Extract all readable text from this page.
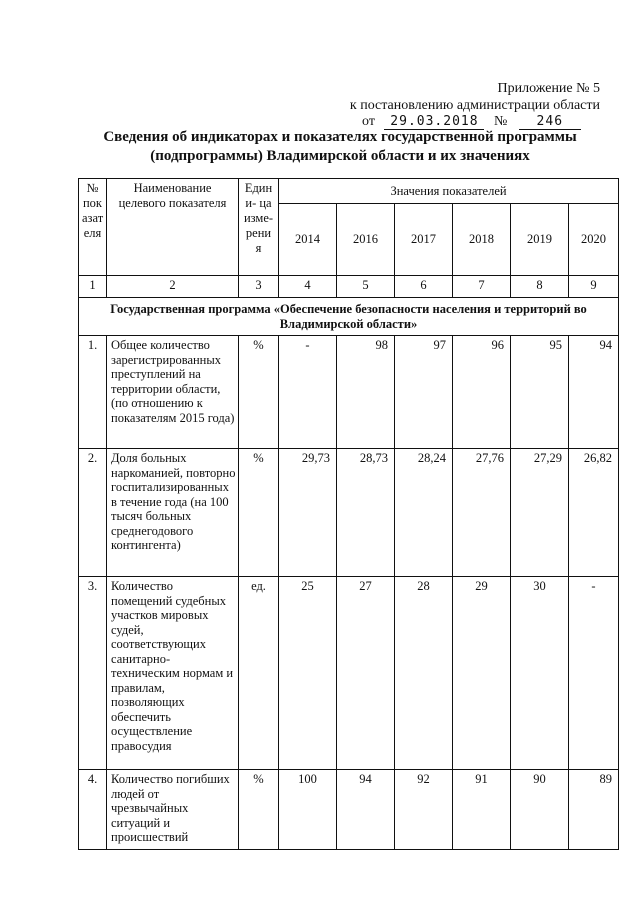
Приложение № 5
к постановлению администрации области
от 29.03.2018 № 246
Сведения об индикаторах и показателях государственной программы
(подпрограммы) Владимирской области и их значениях
№ пок азат еля	Наименование целевого показателя	Един и- ца изме- рени я	Значения показателей					
			2014	2016	2017	2018	2019	2020
1	2	3	4	5	6	7	8	9
Государственная программа «Обеспечение безопасности населения и территорий во Владимирской области»								
1.	Общее количество зарегистрированных преступлений на территории области, (по отношению к показателям 2015 года)	%	-	98	97	96	95	94
2.	Доля больных наркоманией, повторно госпитализированных в течение года (на 100 тысяч больных среднегодового контингента)	%	29,73	28,73	28,24	27,76	27,29	26,82
3.	Количество помещений судебных участков мировых судей, соответствующих санитарно-техническим нормам и правилам, позволяющих обеспечить осуществление правосудия	ед.	25	27	28	29	30	-
4.	Количество погибших людей от чрезвычайных ситуаций и происшествий	%	100	94	92	91	90	89
